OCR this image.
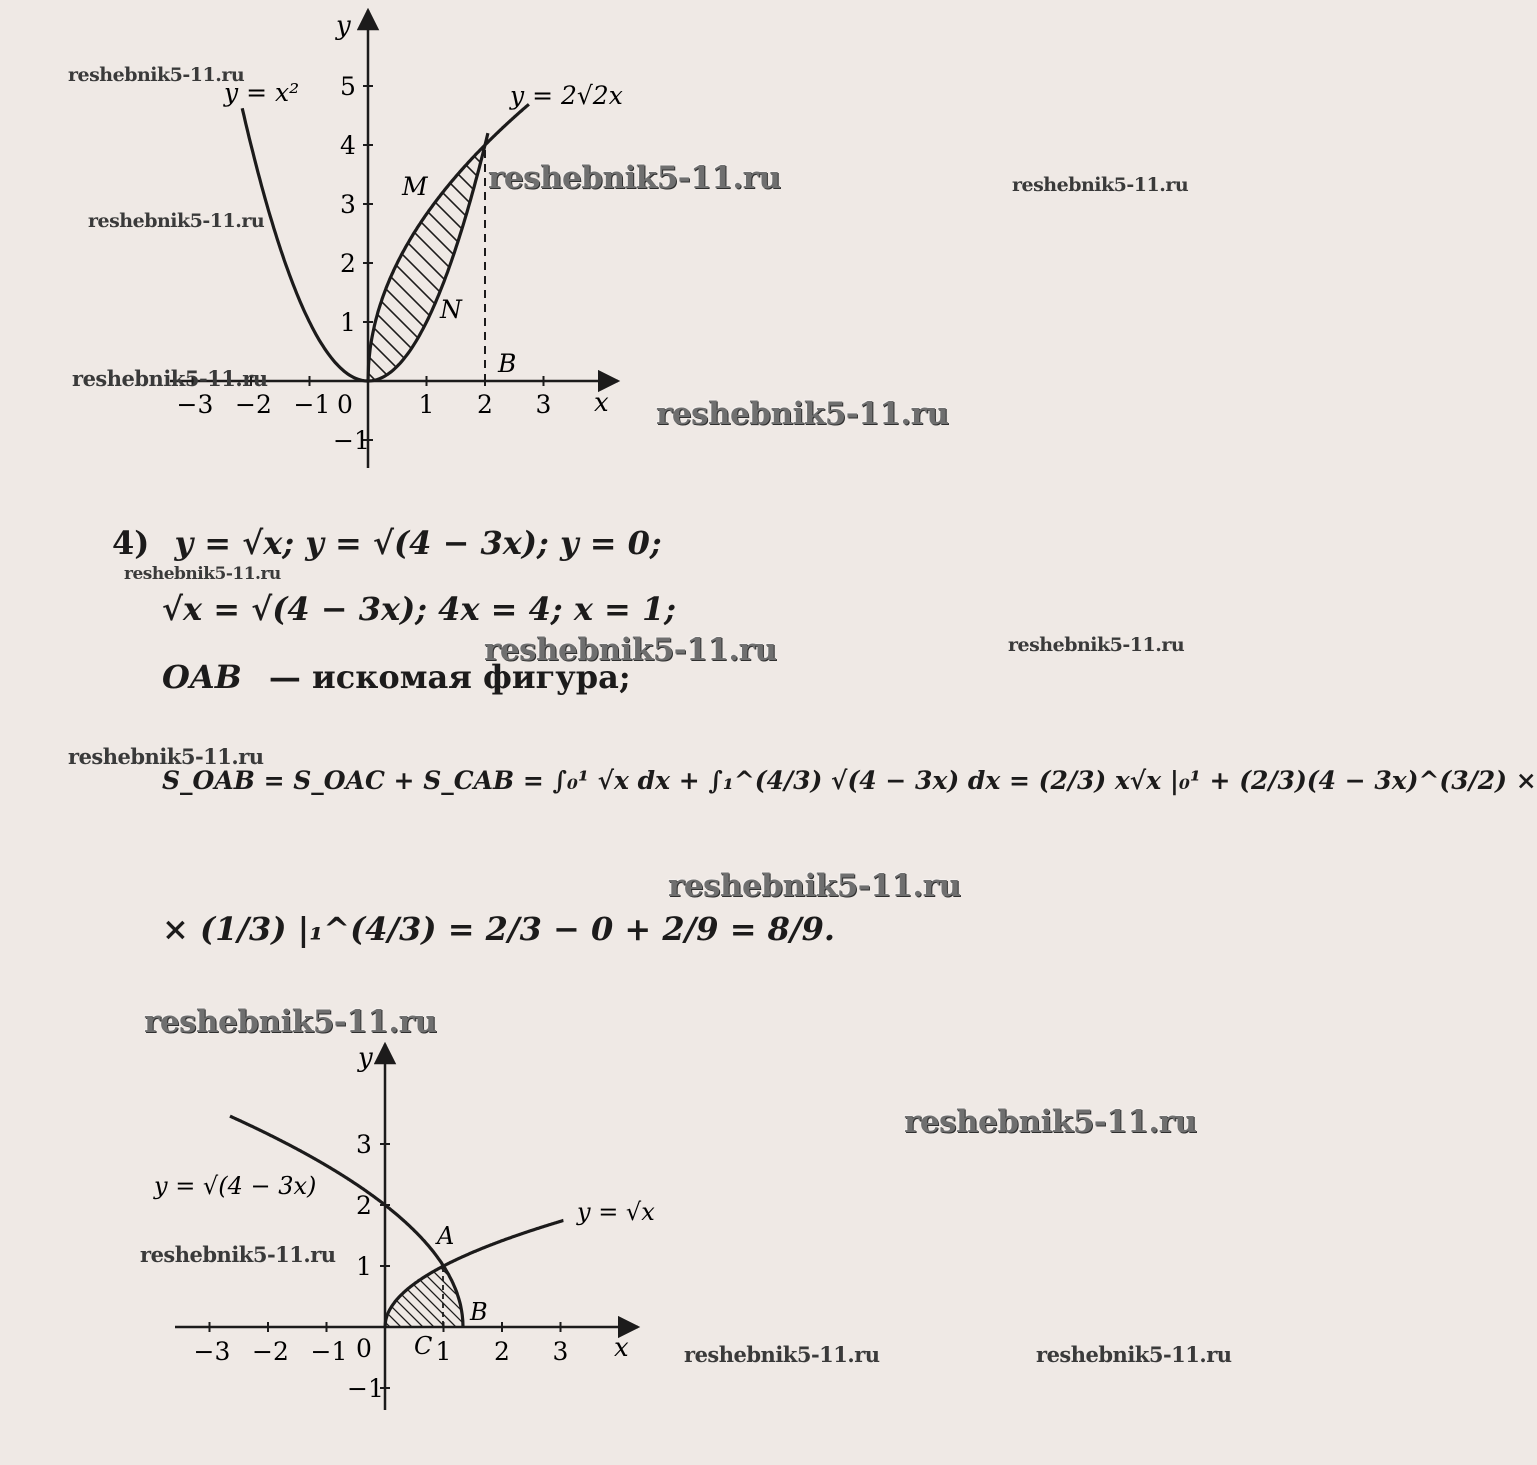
−3 −2 −1	1 2 3
5
4
3
2
1
−1
y
x
y = x²	y = 2√2x
M
N
B
0
4) y = √x; y = √(4 − 3x); y = 0;
√x = √(4 − 3x); 4x = 4; x = 1;
OAB — искомая фигура;
S_OAB = S_OAC + S_CAB = ∫₀¹ √x dx + ∫₁^(4/3) √(4 − 3x) dx = (2/3) x√x |₀¹ + (2/3)(4 − 3x)^(3/2) ×
× (1/3) |₁^(4/3) = 2/3 − 0 + 2/9 = 8/9.
−3 −2 −1	1 2 3
3
2
1
−1
y
x
y = √(4 − 3x)
y = √x
A
B
C
0
reshebnik5-11.ru
reshebnik5-11.ru	reshebnik5-11.ru
reshebnik5-11.ru
reshebnik5-11.ru
reshebnik5-11.ru
reshebnik5-11.ru
reshebnik5-11.ru	reshebnik5-11.ru
reshebnik5-11.ru
reshebnik5-11.ru
reshebnik5-11.ru
reshebnik5-11.ru
reshebnik5-11.ru
reshebnik5-11.ru	reshebnik5-11.ru
